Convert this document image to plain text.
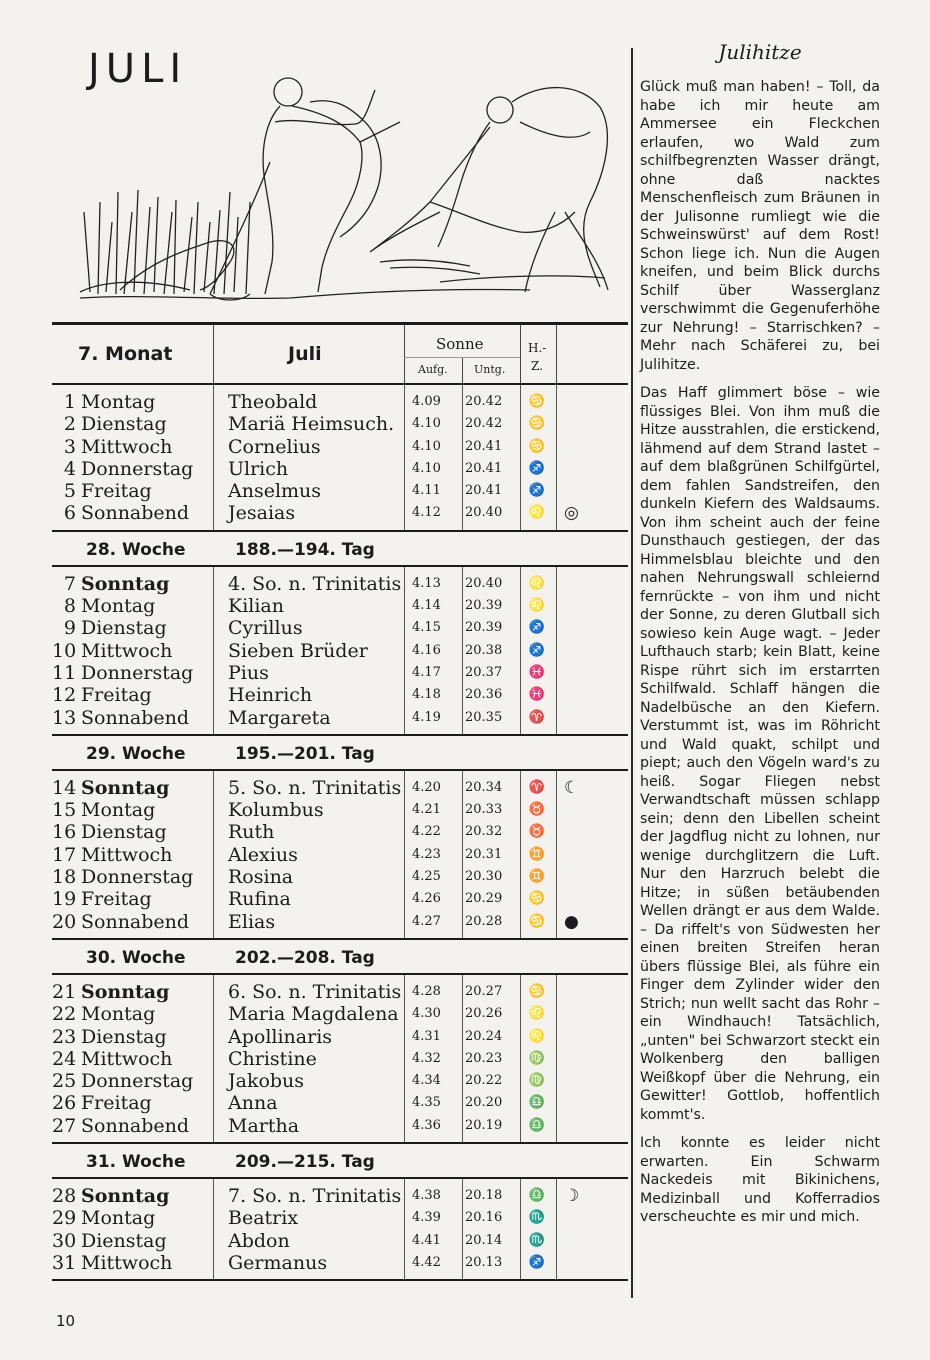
JULI
7. Monat	Juli	Sonne
Aufg. Untg.
H.-
Z.
1 Montag	Theobald	4.09 20.42 ♋
2 Dienstag	Mariä Heimsuch. 4.10 20.42 ♋
3 Mittwoch	Cornelius	4.10 20.41 ♋
4 Donnerstag Ulrich	4.10 20.41 ♐
5 Freitag	Anselmus	4.11 20.41 ♐
6 Sonnabend Jesaias	4.12 20.40 ♌ ◎
28. Woche	188.—194. Tag
7 Sonntag	4. So. n. Trinitatis 4.13 20.40 ♌
8 Montag	Kilian	4.14 20.39 ♌
9 Dienstag	Cyrillus	4.15 20.39 ♐
10 Mittwoch	Sieben Brüder	4.16 20.38 ♐
11 Donnerstag Pius	4.17 20.37 ♓
12 Freitag	Heinrich	4.18 20.36 ♓
13 Sonnabend Margareta	4.19 20.35 ♈
29. Woche	195.—201. Tag
14 Sonntag	5. So. n. Trinitatis 4.20 20.34 ♈ ☾
15 Montag	Kolumbus	4.21 20.33 ♉
16 Dienstag	Ruth	4.22 20.32 ♉
17 Mittwoch	Alexius	4.23 20.31 ♊
18 Donnerstag Rosina	4.25 20.30 ♊
19 Freitag	Rufina	4.26 20.29 ♋
20 Sonnabend Elias	4.27 20.28 ♋ ●
30. Woche	202.—208. Tag
21 Sonntag	6. So. n. Trinitatis 4.28 20.27 ♋
22 Montag	Maria Magdalena 4.30 20.26 ♌
23 Dienstag	Apollinaris	4.31 20.24 ♌
24 Mittwoch	Christine	4.32 20.23 ♍
25 Donnerstag Jakobus	4.34 20.22 ♍
26 Freitag	Anna	4.35 20.20 ♎
27 Sonnabend Martha	4.36 20.19 ♎
31. Woche	209.—215. Tag
28 Sonntag	7. So. n. Trinitatis 4.38 20.18 ♎ ☽
29 Montag	Beatrix	4.39 20.16 ♏
30 Dienstag	Abdon	4.41 20.14 ♏
31 Mittwoch	Germanus	4.42 20.13 ♐
10
Julihitze

Glück muß man haben! – Toll, da habe ich mir heute am Ammersee ein Fleckchen erlaufen, wo Wald zum schilfbegrenzten Wasser drängt, ohne daß nacktes Menschenfleisch zum Bräunen in der Julisonne rumliegt wie die Schweinswürst' auf dem Rost! Schon liege ich. Nun die Augen kneifen, und beim Blick durchs Schilf über Wasserglanz verschwimmt die Gegenuferhöhe zur Nehrung! – Starrischken? – Mehr nach Schäferei zu, bei Julihitze.

Das Haff glimmert böse – wie flüssiges Blei. Von ihm muß die Hitze ausstrahlen, die erstickend, lähmend auf dem Strand lastet – auf dem blaßgrünen Schilfgürtel, dem fahlen Sandstreifen, den dunkeln Kiefern des Waldsaums. Von ihm scheint auch der feine Dunsthauch gestiegen, der das Himmelsblau bleichte und den nahen Nehrungswall schleiernd fernrückte – von ihm und nicht der Sonne, zu deren Glutball sich sowieso kein Auge wagt. – Jeder Lufthauch starb; kein Blatt, keine Rispe rührt sich im erstarrten Schilfwald. Schlaff hängen die Nadelbüsche an den Kiefern. Verstummt ist, was im Röhricht und Wald quakt, schilpt und piept; auch den Vögeln ward's zu heiß. Sogar Fliegen nebst Verwandtschaft müssen schlapp sein; denn den Libellen scheint der Jagdflug nicht zu lohnen, nur wenige durchglitzern die Luft. Nur den Harzruch belebt die Hitze; in süßen betäubenden Wellen drängt er aus dem Walde. – Da riffelt's von Südwesten her einen breiten Streifen heran übers flüssige Blei, als führe ein Finger dem Zylinder wider den Strich; nun wellt sacht das Rohr – ein Windhauch! Tatsächlich, „unten" bei Schwarzort steckt ein Wolkenberg den balligen Weißkopf über die Nehrung, ein Gewitter! Gottlob, hoffentlich kommt's.

Ich konnte es leider nicht erwarten. Ein Schwarm Nackedeis mit Bikinichens, Medizinball und Kofferradios verscheuchte es mir und mich.
